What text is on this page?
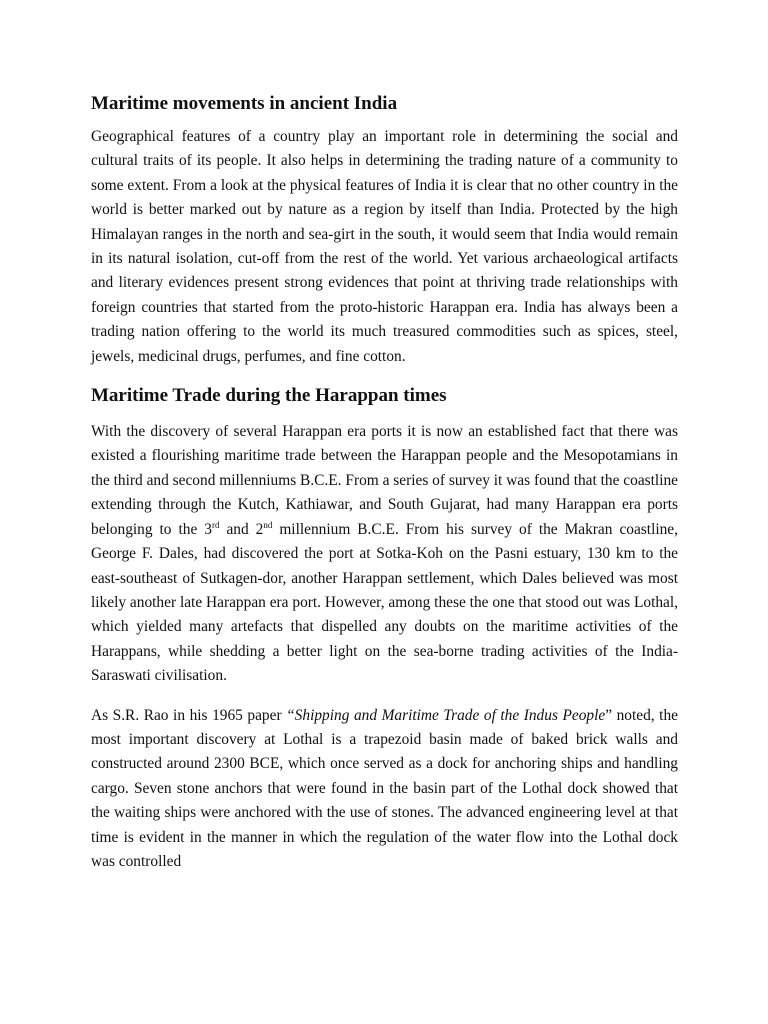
Maritime movements in ancient India

Geographical features of a country play an important role in determining the social and cultural traits of its people. It also helps in determining the trading nature of a community to some extent. From a look at the physical features of India it is clear that no other country in the world is better marked out by nature as a region by itself than India. Protected by the high Himalayan ranges in the north and sea-girt in the south, it would seem that India would remain in its natural isolation, cut-off from the rest of the world. Yet various archaeological artifacts and literary evidences present strong evidences that point at thriving trade relationships with foreign countries that started from the proto-historic Harappan era. India has always been a trading nation offering to the world its much treasured commodities such as spices, steel, jewels, medicinal drugs, perfumes, and fine cotton.

Maritime Trade during the Harappan times

With the discovery of several Harappan era ports it is now an established fact that there was existed a flourishing maritime trade between the Harappan people and the Mesopotamians in the third and second millenniums B.C.E. From a series of survey it was found that the coastline extending through the Kutch, Kathiawar, and South Gujarat, had many Harappan era ports belonging to the 3rd and 2nd millennium B.C.E. From his survey of the Makran coastline, George F. Dales, had discovered the port at Sotka-Koh on the Pasni estuary, 130 km to the east-southeast of Sutkagen-dor, another Harappan settlement, which Dales believed was most likely another late Harappan era port. However, among these the one that stood out was Lothal, which yielded many artefacts that dispelled any doubts on the maritime activities of the Harappans, while shedding a better light on the sea-borne trading activities of the India-Saraswati civilisation.

As S.R. Rao in his 1965 paper “Shipping and Maritime Trade of the Indus People” noted, the most important discovery at Lothal is a trapezoid basin made of baked brick walls and constructed around 2300 BCE, which once served as a dock for anchoring ships and handling cargo. Seven stone anchors that were found in the basin part of the Lothal dock showed that the waiting ships were anchored with the use of stones. The advanced engineering level at that time is evident in the manner in which the regulation of the water flow into the Lothal dock was controlled
